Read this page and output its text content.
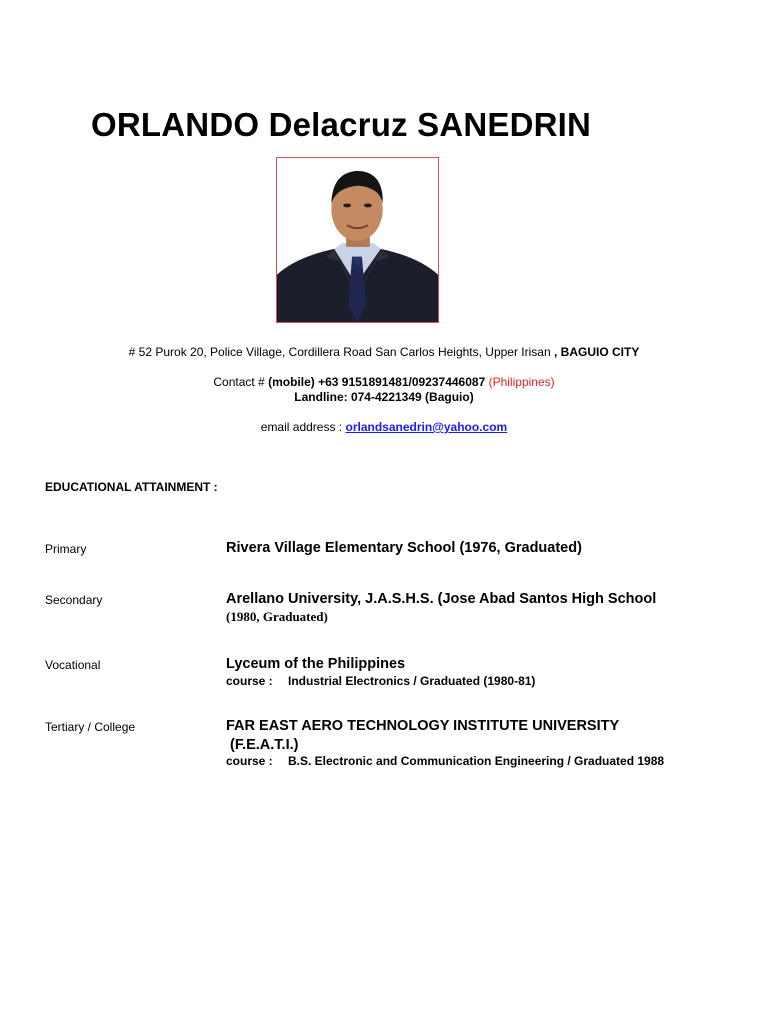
ORLANDO Delacruz SANEDRIN
# 52 Purok 20, Police Village, Cordillera Road San Carlos Heights, Upper Irisan , BAGUIO CITY
Contact # (mobile) +63 9151891481/09237446087 (Philippines)
Landline: 074-4221349 (Baguio)
email address : orlandsanedrin@yahoo.com
EDUCATIONAL ATTAINMENT :
Primary	Rivera Village Elementary School (1976, Graduated)
Secondary	Arellano University, J.A.S.H.S. (Jose Abad Santos High School
(1980, Graduated)
Vocational	Lyceum of the Philippines
course : Industrial Electronics / Graduated (1980-81)
Tertiary / College	FAR EAST AERO TECHNOLOGY INSTITUTE UNIVERSITY
(F.E.A.T.I.)
course : B.S. Electronic and Communication Engineering / Graduated 1988
